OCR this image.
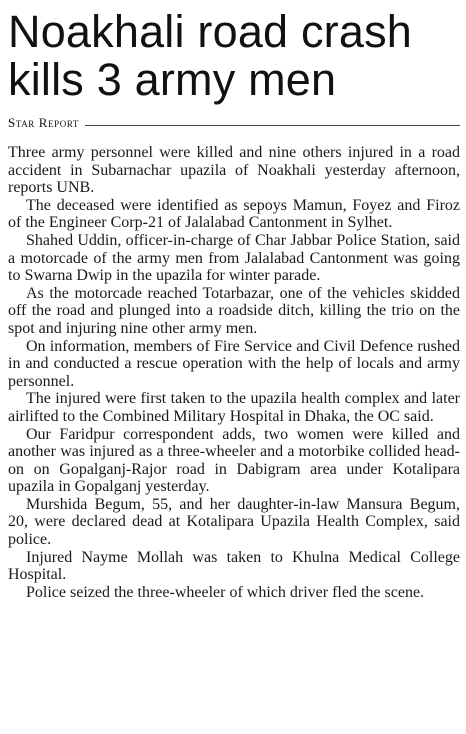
Noakhali road crash
kills 3 army men
Star Report

Three army personnel were killed and nine others injured in a road accident in Subarnachar upazila of Noakhali yesterday afternoon, reports UNB.

The deceased were identified as sepoys Mamun, Foyez and Firoz of the Engineer Corp-21 of Jalalabad Cantonment in Sylhet.

Shahed Uddin, officer-in-charge of Char Jabbar Police Station, said a motorcade of the army men from Jalalabad Cantonment was going to Swarna Dwip in the upazila for winter parade.

As the motorcade reached Totarbazar, one of the vehicles skidded off the road and plunged into a roadside ditch, killing the trio on the spot and injuring nine other army men.

On information, members of Fire Service and Civil Defence rushed in and conducted a rescue operation with the help of locals and army personnel.

The injured were first taken to the upazila health complex and later airlifted to the Combined Military Hospital in Dhaka, the OC said.

Our Faridpur correspondent adds, two women were killed and another was injured as a three-wheeler and a motorbike collided head-on on Gopalganj-Rajor road in Dabigram area under Kotalipara upazila in Gopalganj yesterday.

Murshida Begum, 55, and her daughter-in-law Mansura Begum, 20, were declared dead at Kotalipara Upazila Health Complex, said police.

Injured Nayme Mollah was taken to Khulna Medical College Hospital.

Police seized the three-wheeler of which driver fled the scene.
